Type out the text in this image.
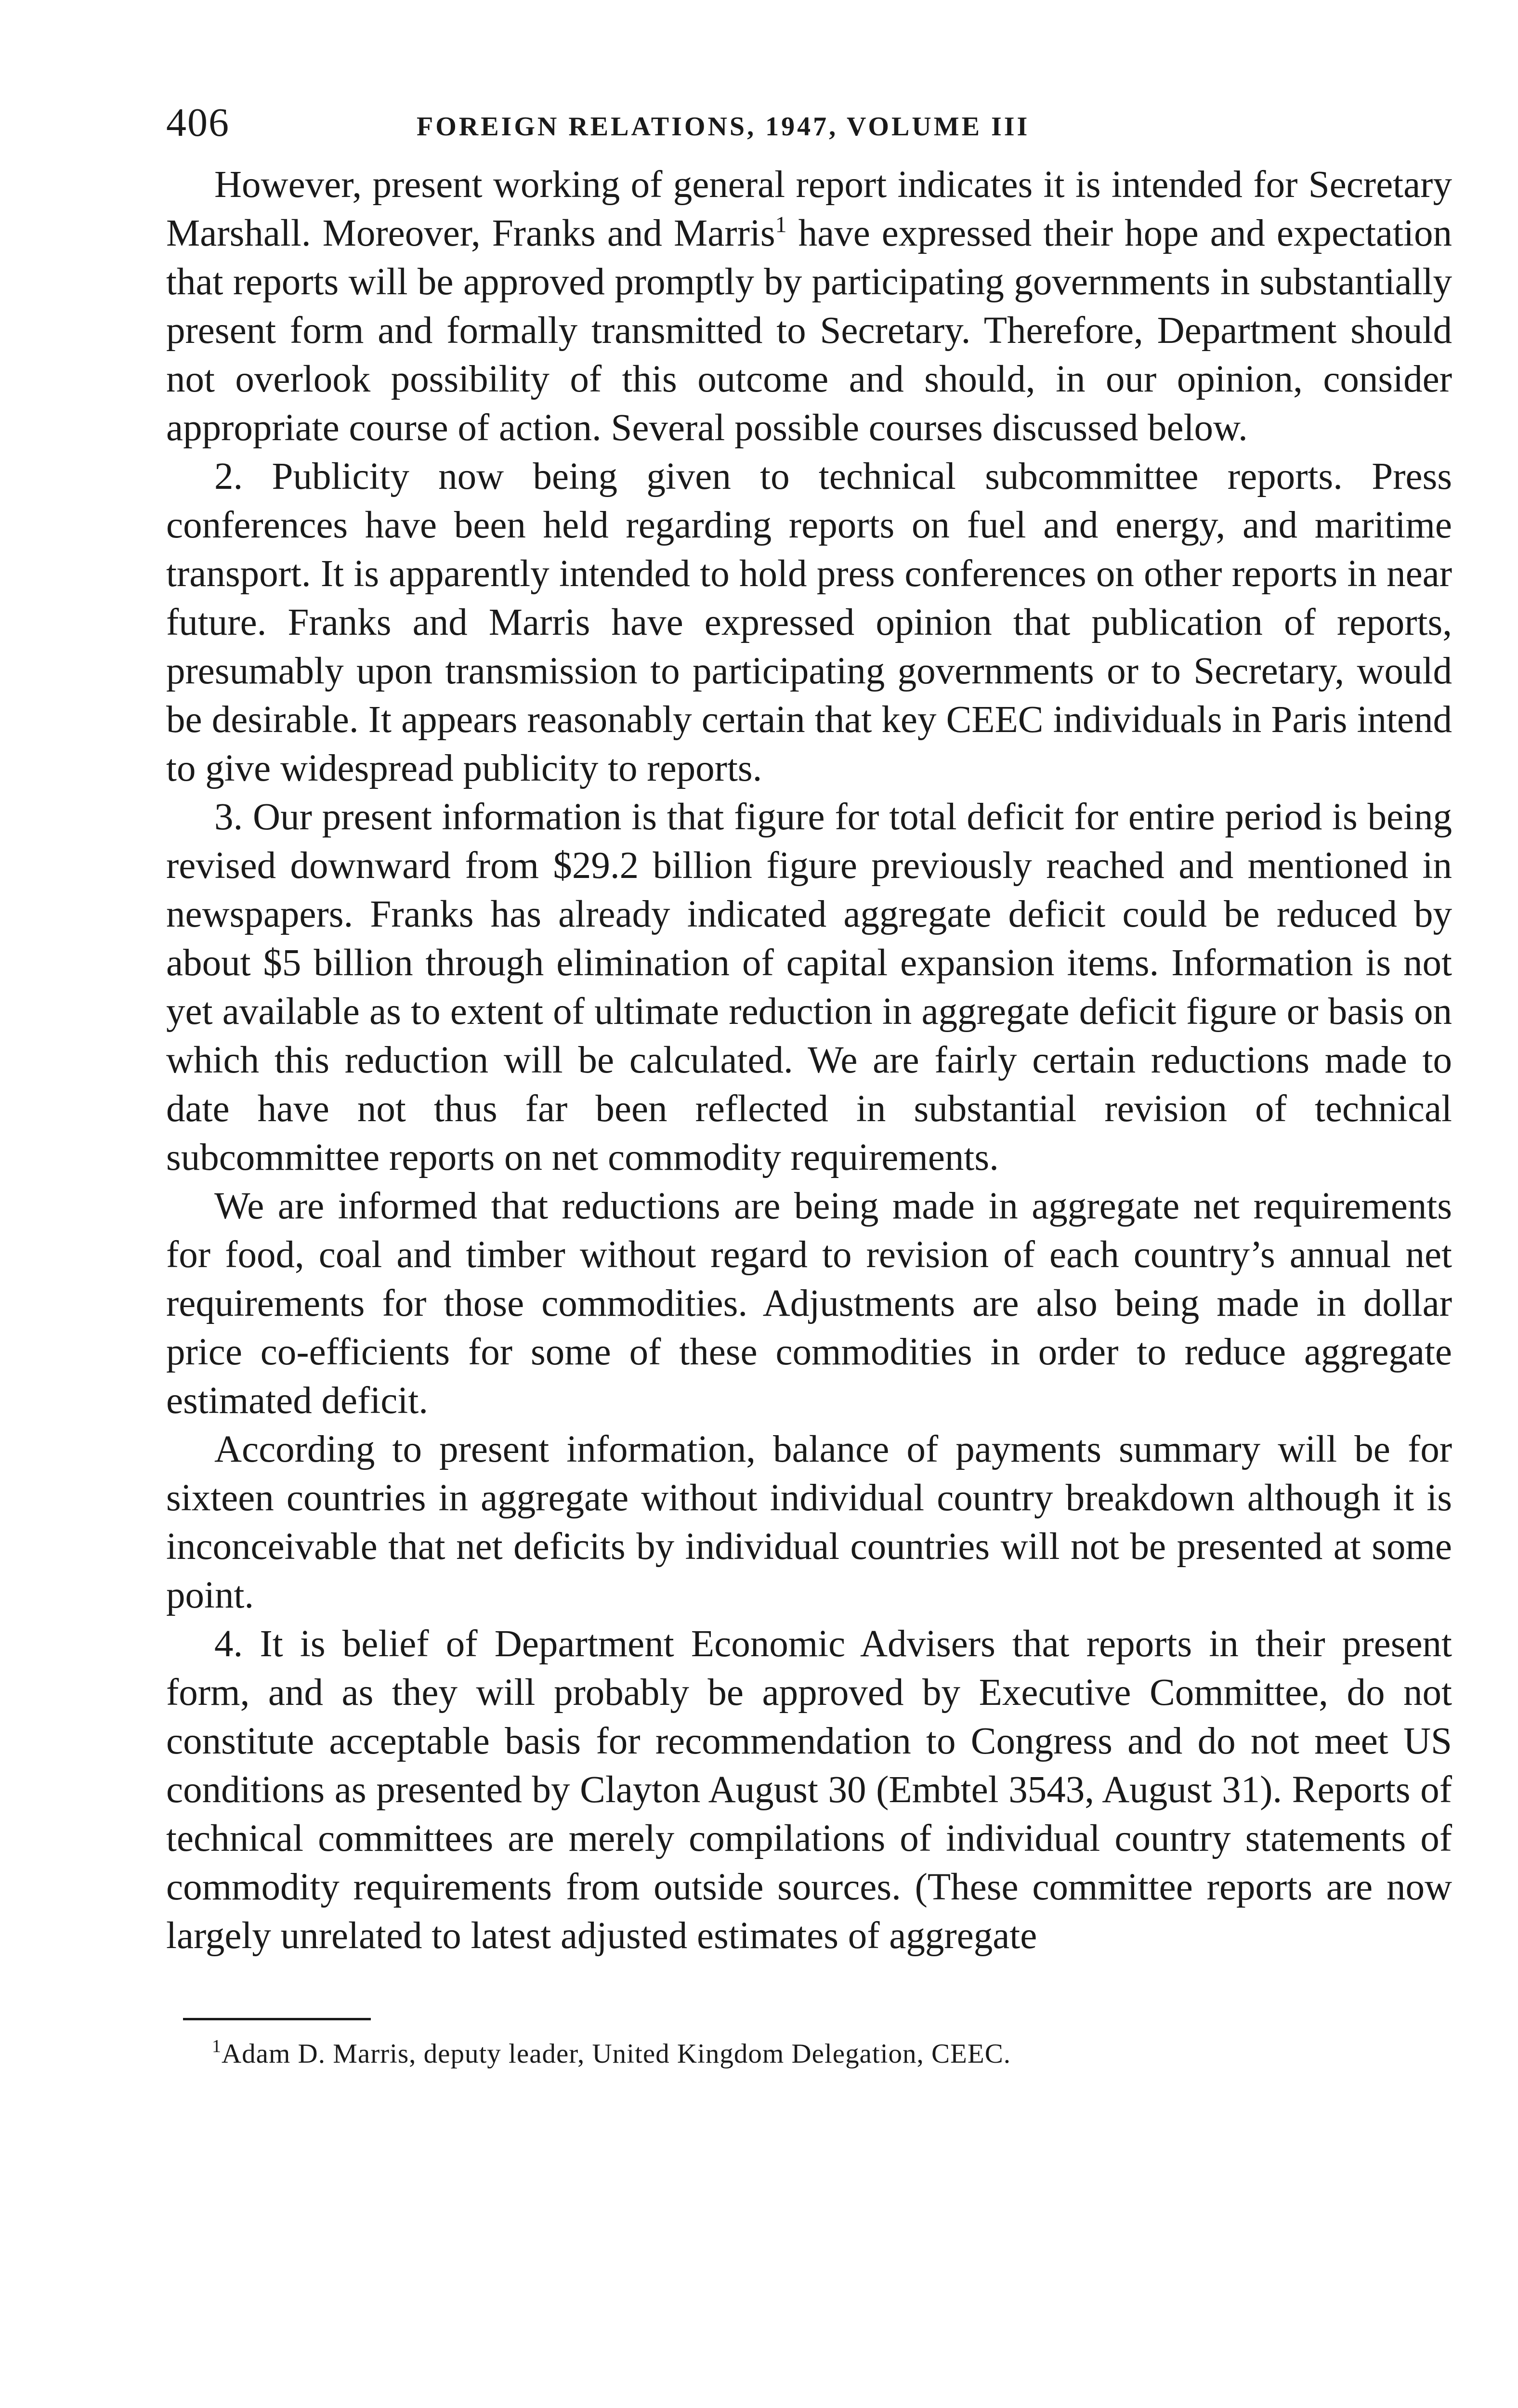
406	FOREIGN RELATIONS, 1947, VOLUME III

However, present working of general report indicates it is intended for Secretary Marshall. Moreover, Franks and Marris$^1$ have expressed their hope and expectation that reports will be approved promptly by participating governments in substantially present form and formally transmitted to Secretary. Therefore, Department should not overlook possibility of this outcome and should, in our opinion, consider appropriate course of action. Several possible courses discussed below.

2. Publicity now being given to technical subcommittee reports. Press conferences have been held regarding reports on fuel and energy, and maritime transport. It is apparently intended to hold press conferences on other reports in near future. Franks and Marris have expressed opinion that publication of reports, presumably upon transmission to participating governments or to Secretary, would be desirable. It appears reasonably certain that key CEEC individuals in Paris intend to give widespread publicity to reports.

3. Our present information is that figure for total deficit for entire period is being revised downward from $29.2 billion figure previously reached and mentioned in newspapers. Franks has already indicated aggregate deficit could be reduced by about $5 billion through elimination of capital expansion items. Information is not yet available as to extent of ultimate reduction in aggregate deficit figure or basis on which this reduction will be calculated. We are fairly certain reductions made to date have not thus far been reflected in substantial revision of technical subcommittee reports on net commodity requirements.

We are informed that reductions are being made in aggregate net requirements for food, coal and timber without regard to revision of each country’s annual net requirements for those commodities. Adjustments are also being made in dollar price co-efficients for some of these commodities in order to reduce aggregate estimated deficit.

According to present information, balance of payments summary will be for sixteen countries in aggregate without individual country breakdown although it is inconceivable that net deficits by individual countries will not be presented at some point.

4. It is belief of Department Economic Advisers that reports in their present form, and as they will probably be approved by Executive Committee, do not constitute acceptable basis for recommendation to Congress and do not meet US conditions as presented by Clayton August 30 (Embtel 3543, August 31). Reports of technical committees are merely compilations of individual country statements of commodity requirements from outside sources. (These committee reports are now largely unrelated to latest adjusted estimates of aggregate

$^1$Adam D. Marris, deputy leader, United Kingdom Delegation, CEEC.
